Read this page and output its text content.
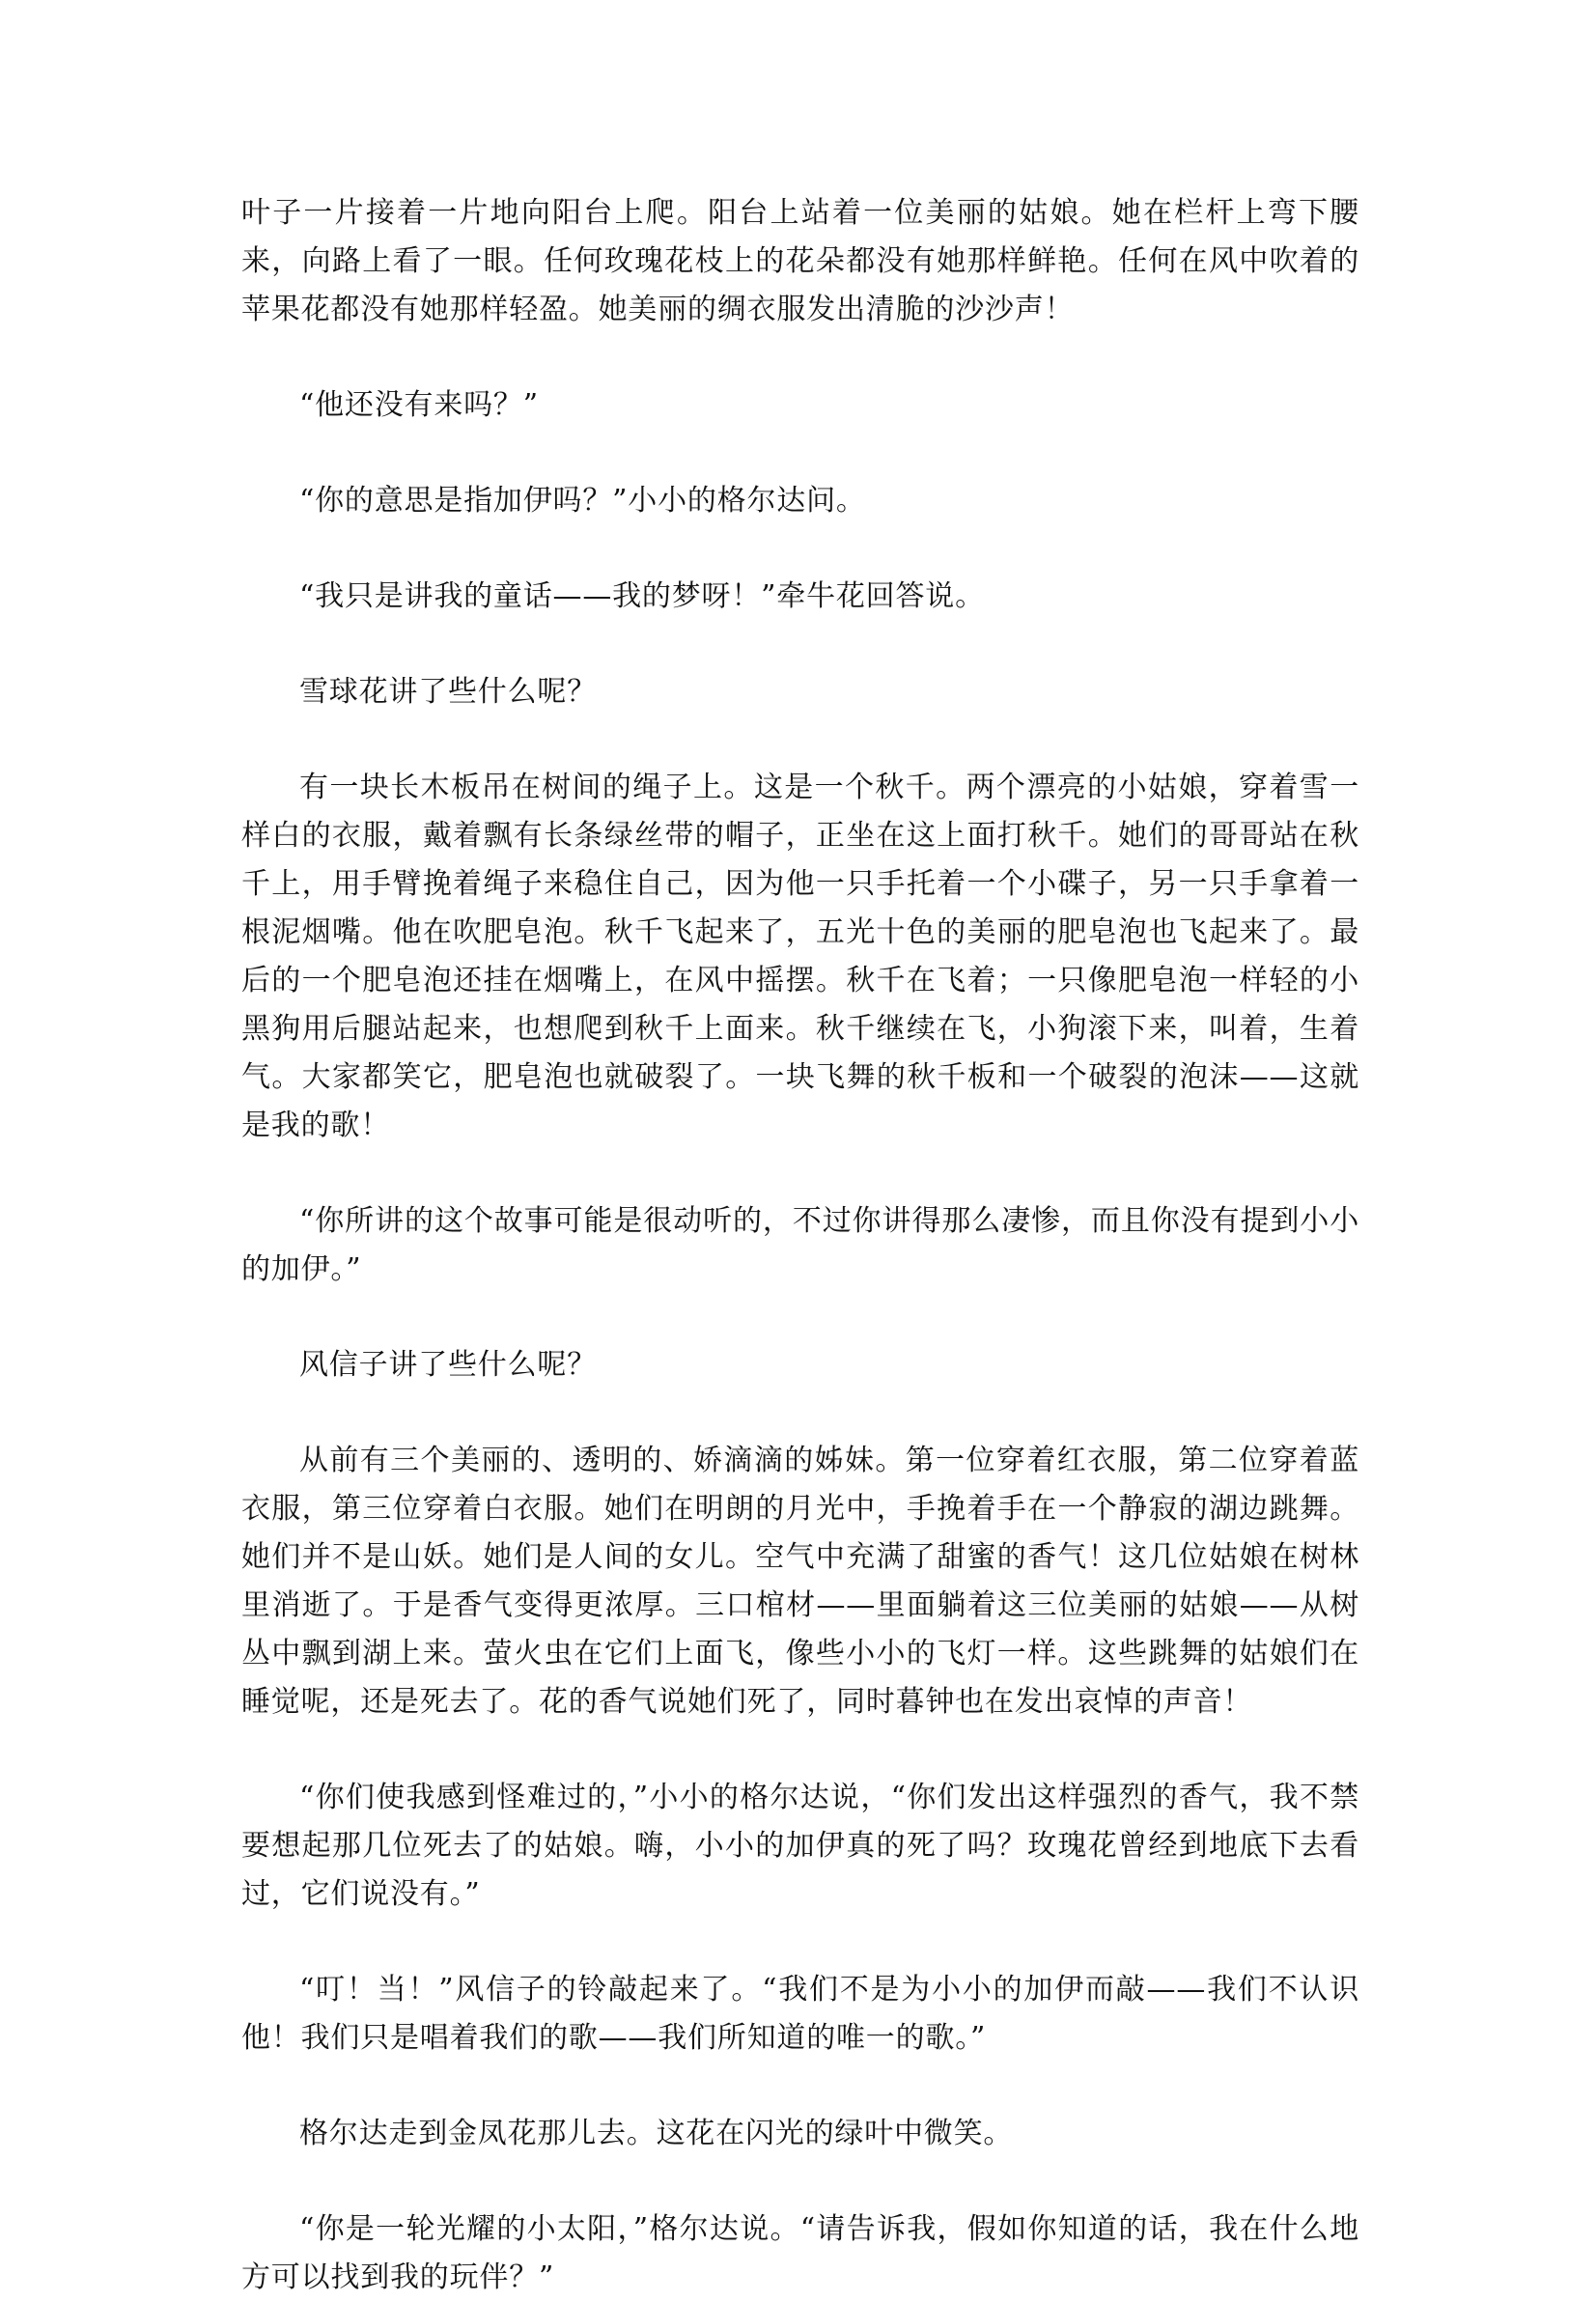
叶子一片接着一片地向阳台上爬。阳台上站着一位美丽的姑娘。她在栏杆上弯下腰来，向路上看了一眼。任何玫瑰花枝上的花朵都没有她那样鲜艳。任何在风中吹着的苹果花都没有她那样轻盈。她美丽的绸衣服发出清脆的沙沙声！

“他还没有来吗？”

“你的意思是指加伊吗？”小小的格尔达问。

“我只是讲我的童话——我的梦呀！”牵牛花回答说。

雪球花讲了些什么呢？

有一块长木板吊在树间的绳子上。这是一个秋千。两个漂亮的小姑娘，穿着雪一样白的衣服，戴着飘有长条绿丝带的帽子，正坐在这上面打秋千。她们的哥哥站在秋千上，用手臂挽着绳子来稳住自己，因为他一只手托着一个小碟子，另一只手拿着一根泥烟嘴。他在吹肥皂泡。秋千飞起来了，五光十色的美丽的肥皂泡也飞起来了。最后的一个肥皂泡还挂在烟嘴上，在风中摇摆。秋千在飞着；一只像肥皂泡一样轻的小黑狗用后腿站起来，也想爬到秋千上面来。秋千继续在飞，小狗滚下来，叫着，生着气。大家都笑它，肥皂泡也就破裂了。一块飞舞的秋千板和一个破裂的泡沫——这就是我的歌！

“你所讲的这个故事可能是很动听的，不过你讲得那么凄惨，而且你没有提到小小的加伊。”

风信子讲了些什么呢？

从前有三个美丽的、透明的、娇滴滴的姊妹。第一位穿着红衣服，第二位穿着蓝衣服，第三位穿着白衣服。她们在明朗的月光中，手挽着手在一个静寂的湖边跳舞。她们并不是山妖。她们是人间的女儿。空气中充满了甜蜜的香气！这几位姑娘在树林里消逝了。于是香气变得更浓厚。三口棺材——里面躺着这三位美丽的姑娘——从树丛中飘到湖上来。萤火虫在它们上面飞，像些小小的飞灯一样。这些跳舞的姑娘们在睡觉呢，还是死去了。花的香气说她们死了，同时暮钟也在发出哀悼的声音！

“你们使我感到怪难过的，”小小的格尔达说，“你们发出这样强烈的香气，我不禁要想起那几位死去了的姑娘。嗨，小小的加伊真的死了吗？玫瑰花曾经到地底下去看过，它们说没有。”

“叮！当！”风信子的铃敲起来了。“我们不是为小小的加伊而敲——我们不认识他！我们只是唱着我们的歌——我们所知道的唯一的歌。”

格尔达走到金凤花那儿去。这花在闪光的绿叶中微笑。

“你是一轮光耀的小太阳，”格尔达说。“请告诉我，假如你知道的话，我在什么地方可以找到我的玩伴？”
